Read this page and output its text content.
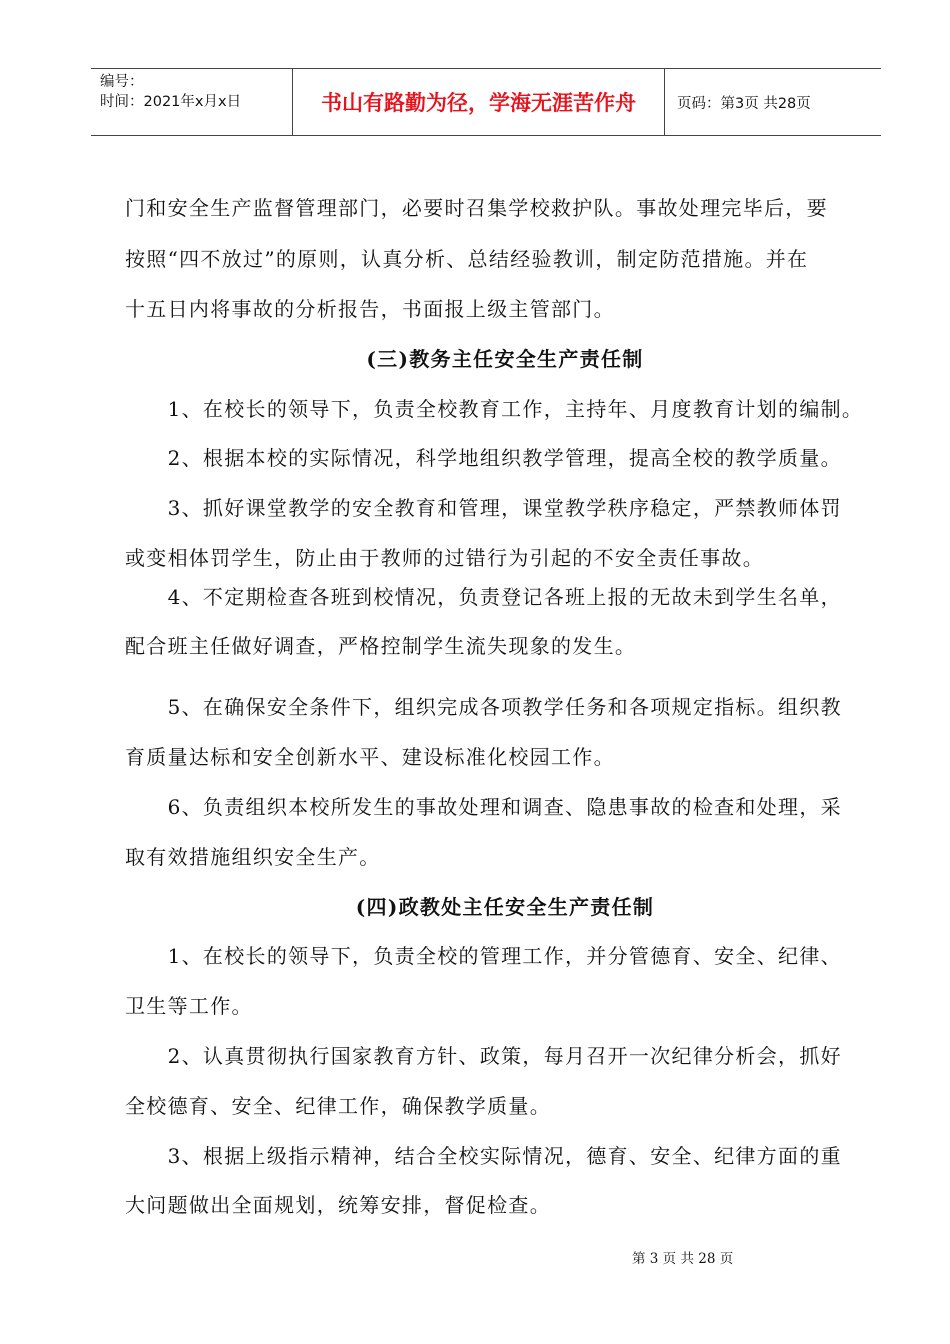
编号：
时间：2021年x月x日	书山有路勤为径，学海无涯苦作舟	页码：第3页 共28页

门和安全生产监督管理部门，必要时召集学校救护队。事故处理完毕后，要

按照“四不放过”的原则，认真分析、总结经验教训，制定防范措施。并在

十五日内将事故的分析报告，书面报上级主管部门。

(三)教务主任安全生产责任制

　　1、在校长的领导下，负责全校教育工作，主持年、月度教育计划的编制。

　　2、根据本校的实际情况，科学地组织教学管理，提高全校的教学质量。

　　3、抓好课堂教学的安全教育和管理，课堂教学秩序稳定，严禁教师体罚

或变相体罚学生，防止由于教师的过错行为引起的不安全责任事故。

　　4、不定期检查各班到校情况，负责登记各班上报的无故未到学生名单，

配合班主任做好调查，严格控制学生流失现象的发生。

　　5、在确保安全条件下，组织完成各项教学任务和各项规定指标。组织教

育质量达标和安全创新水平、建设标准化校园工作。

　　6、负责组织本校所发生的事故处理和调查、隐患事故的检查和处理，采

取有效措施组织安全生产。

(四)政教处主任安全生产责任制

　　1、在校长的领导下，负责全校的管理工作，并分管德育、安全、纪律、

卫生等工作。

　　2、认真贯彻执行国家教育方针、政策，每月召开一次纪律分析会，抓好

全校德育、安全、纪律工作，确保教学质量。

　　3、根据上级指示精神，结合全校实际情况，德育、安全、纪律方面的重

大问题做出全面规划，统筹安排，督促检查。

第 3 页 共 28 页
